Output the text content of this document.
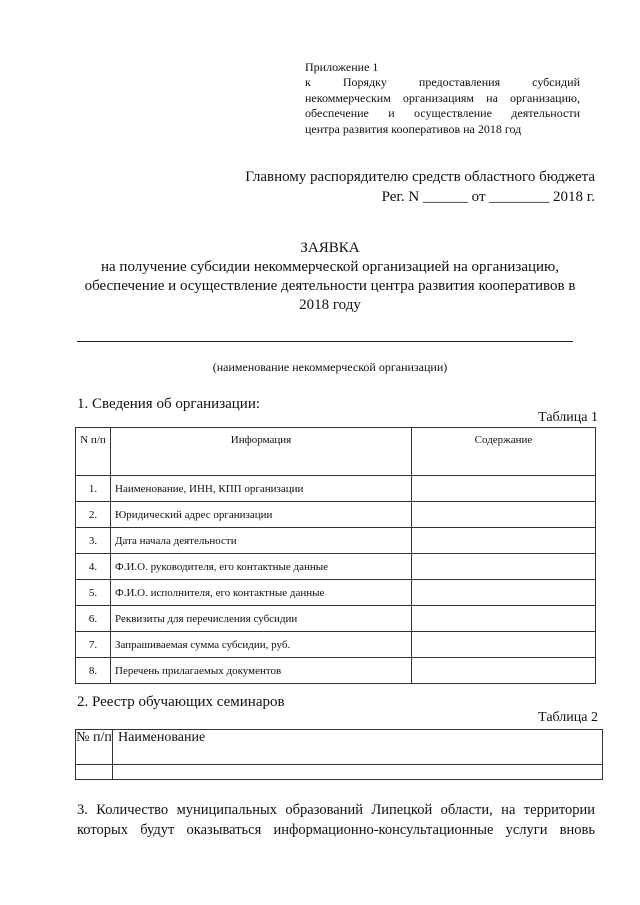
Приложение 1
к Порядку предоставления субсидий
некоммерческим организациям на организацию,
обеспечение и осуществление деятельности
центра развития кооперативов на 2018 год
Главному распорядителю средств областного бюджета
Рег. N ______ от ________ 2018 г.
ЗАЯВКА
на получение субсидии некоммерческой организацией на организацию,
обеспечение и осуществление деятельности центра развития кооперативов в
2018 году
(наименование некоммерческой организации)
1. Сведения об организации:
Таблица 1
N п/п	Информация	Содержание
1.	Наименование, ИНН, КПП организации	
2.	Юридический адрес организации	
3.	Дата начала деятельности	
4.	Ф.И.О. руководителя, его контактные данные	
5.	Ф.И.О. исполнителя, его контактные данные	
6.	Реквизиты для перечисления субсидии	
7.	Запрашиваемая сумма субсидии, руб.	
8.	Перечень прилагаемых документов	
2. Реестр обучающих семинаров
Таблица 2
№ п/п	Наименование

3. Количество муниципальных образований Липецкой области, на территории
которых будут оказываться информационно-консультационные услуги вновь
